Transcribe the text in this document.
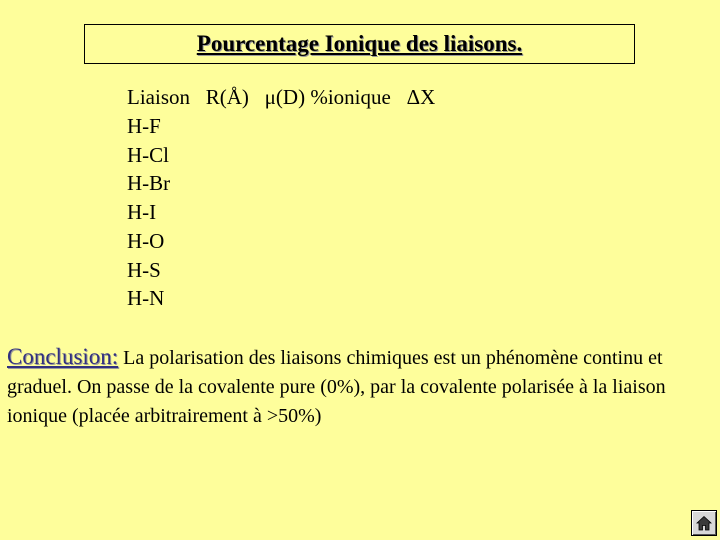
Pourcentage Ionique des liaisons.
Liaison R(Å) μ(D) %ionique ΔX
H-F
H-Cl
H-Br
H-I
H-O
H-S
H-N
Conclusion: La polarisation des liaisons chimiques est un phénomène continu et graduel. On passe de la covalente pure (0%), par la covalente polarisée à la liaison ionique (placée arbitrairement à >50%)
